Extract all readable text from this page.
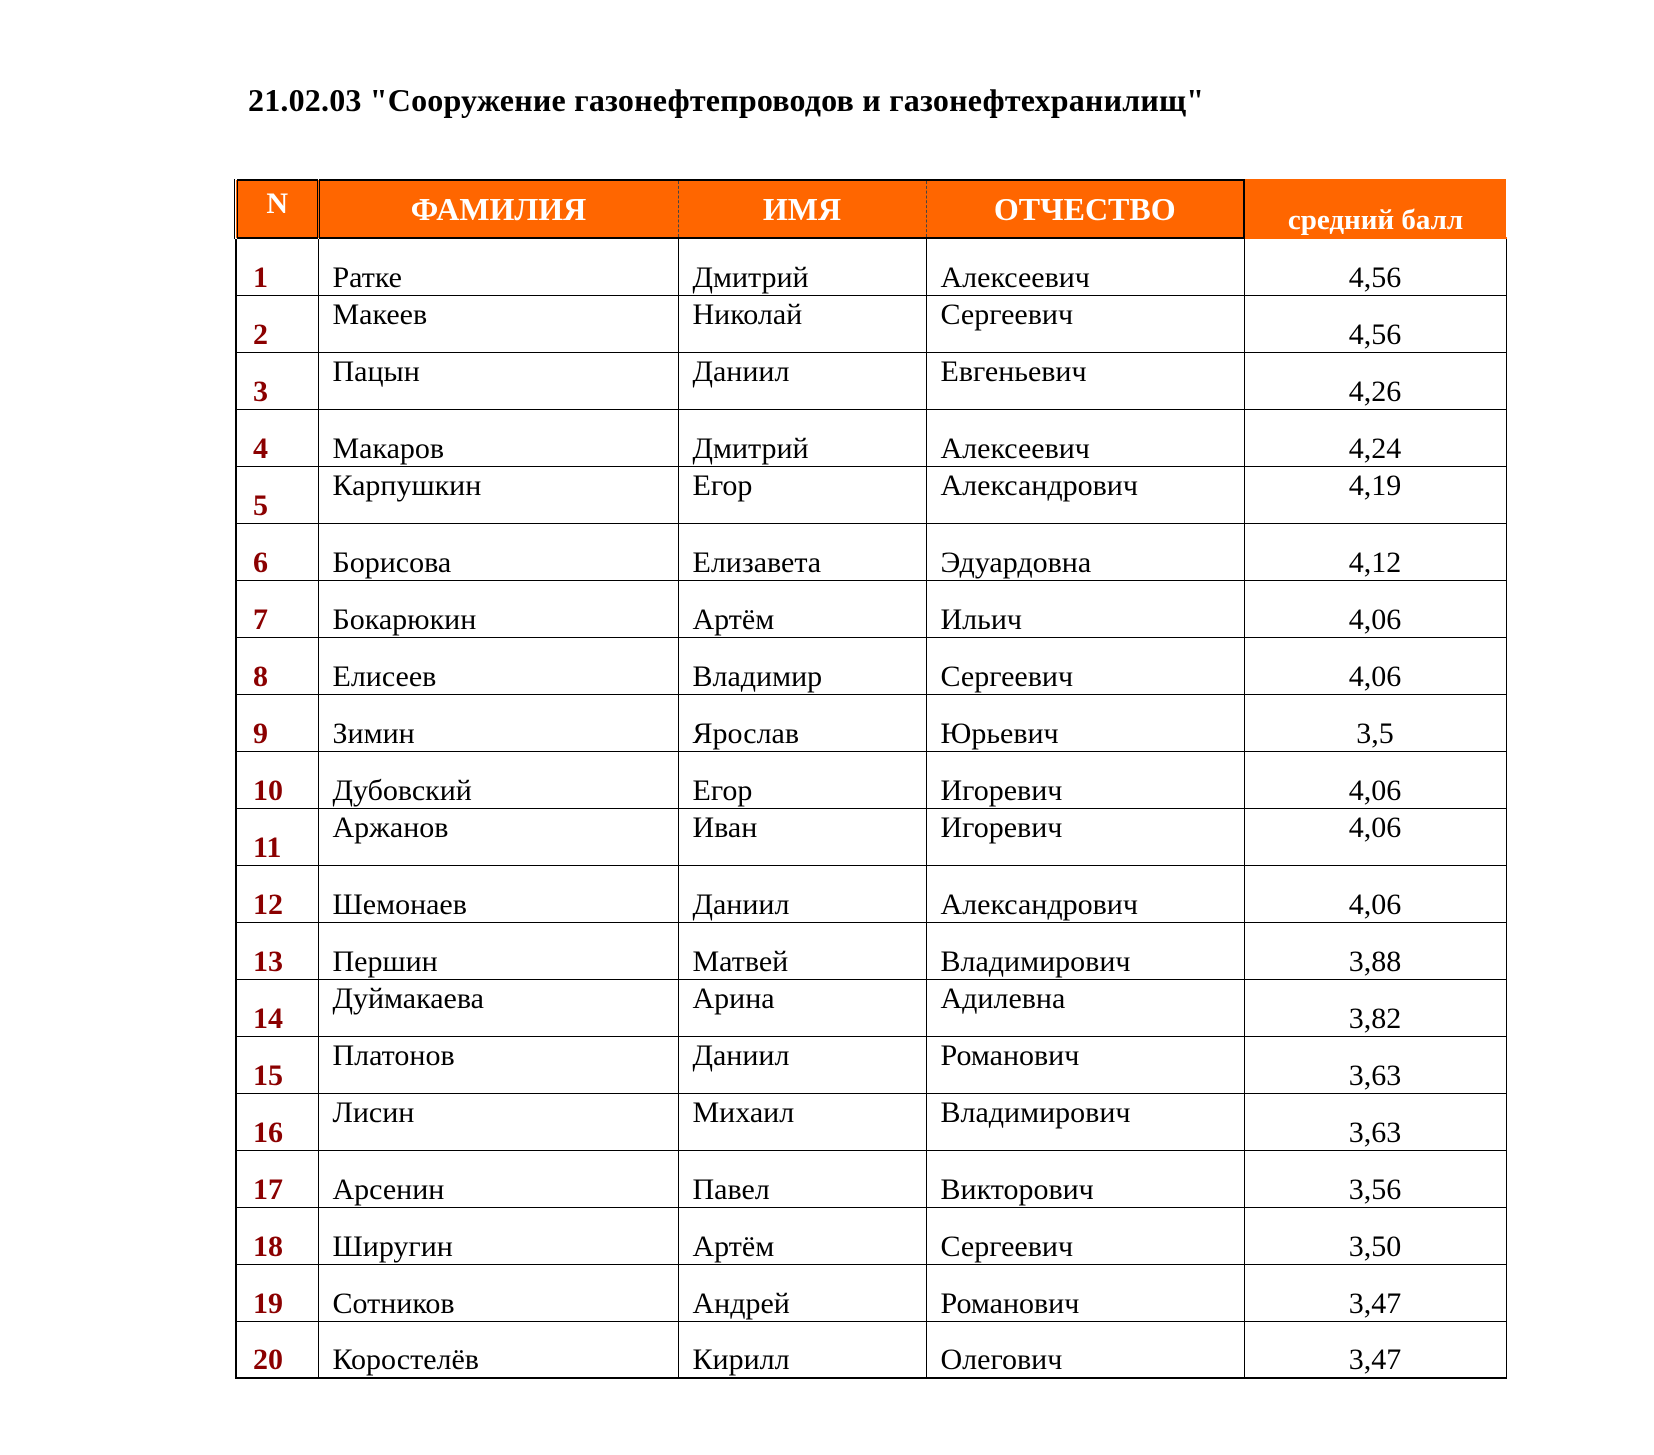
21.02.03 "Сооружение газонефтепроводов и газонефтехранилищ"
N	ФАМИЛИЯ	ИМЯ	ОТЧЕСТВО	средний балл
1	Ратке	Дмитрий	Алексеевич	4,56
2	Макеев	Николай	Сергеевич	4,56
3	Пацын	Даниил	Евгеньевич	4,26
4	Макаров	Дмитрий	Алексеевич	4,24
5	Карпушкин	Егор	Александрович	4,19
6	Борисова	Елизавета	Эдуардовна	4,12
7	Бокарюкин	Артём	Ильич	4,06
8	Елисеев	Владимир	Сергеевич	4,06
9	Зимин	Ярослав	Юрьевич	3,5
10	Дубовский	Егор	Игоревич	4,06
11	Аржанов	Иван	Игоревич	4,06
12	Шемонаев	Даниил	Александрович	4,06
13	Першин	Матвей	Владимирович	3,88
14	Дуймакаева	Арина	Адилевна	3,82
15	Платонов	Даниил	Романович	3,63
16	Лисин	Михаил	Владимирович	3,63
17	Арсенин	Павел	Викторович	3,56
18	Ширугин	Артём	Сергеевич	3,50
19	Сотников	Андрей	Романович	3,47
20	Коростелёв	Кирилл	Олегович	3,47
